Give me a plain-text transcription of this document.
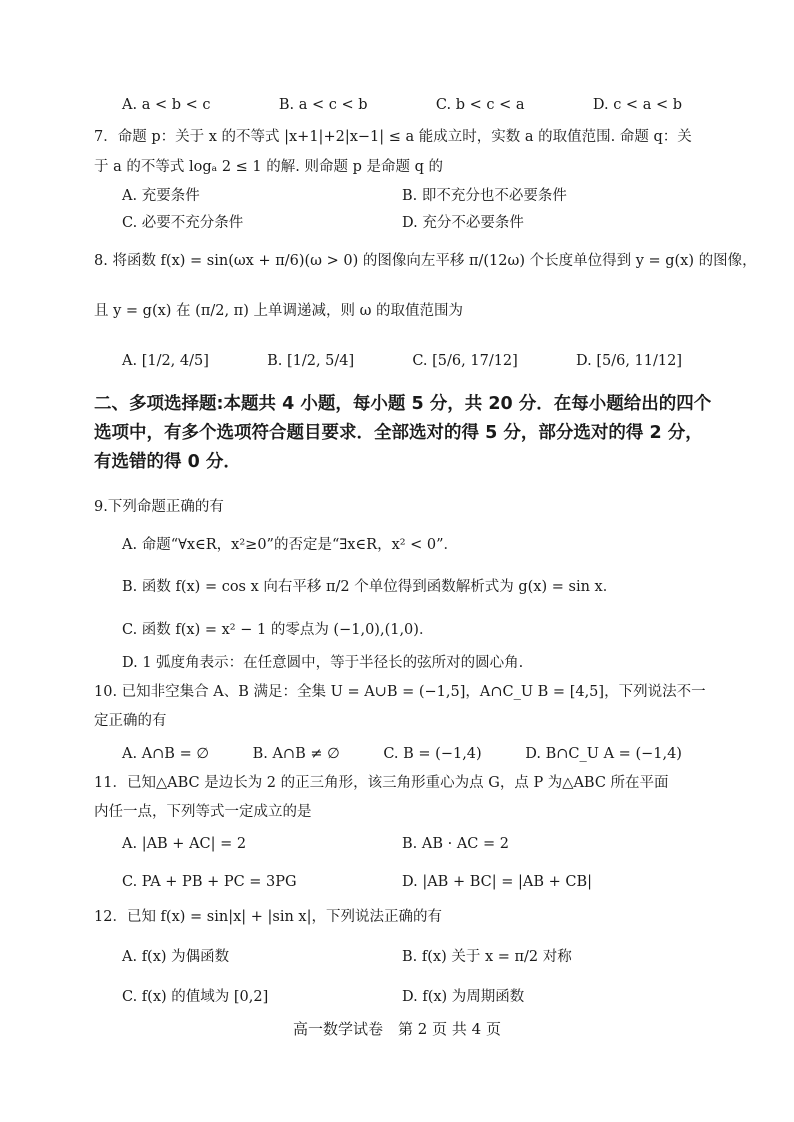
A. a < b < c	B. a < c < b	C. b < c < a	D. c < a < b
7．命题 p：关于 x 的不等式 |x+1|+2|x−1| ≤ a 能成立时，实数 a 的取值范围. 命题 q：关
于 a 的不等式 logₐ 2 ≤ 1 的解. 则命题 p 是命题 q 的
A. 充要条件	B. 即不充分也不必要条件
C. 必要不充分条件	D. 充分不必要条件
8. 将函数 f(x) = sin(ωx + π/6)(ω > 0) 的图像向左平移 π/(12ω) 个长度单位得到 y = g(x) 的图像，
且 y = g(x) 在 (π/2, π) 上单调递减，则 ω 的取值范围为
A. [1/2, 4/5]	B. [1/2, 5/4]	C. [5/6, 17/12]	D. [5/6, 11/12]
二、多项选择题:本题共 4 小题，每小题 5 分，共 20 分．在每小题给出的四个选项中，有多个选项符合题目要求．全部选对的得 5 分，部分选对的得 2 分，有选错的得 0 分．
9.下列命题正确的有
A. 命题“∀x∈R，x²≥0”的否定是“∃x∈R，x² < 0”．
B. 函数 f(x) = cos x 向右平移 π/2 个单位得到函数解析式为 g(x) = sin x．
C. 函数 f(x) = x² − 1 的零点为 (−1,0),(1,0)．
D. 1 弧度角表示：在任意圆中，等于半径长的弦所对的圆心角.
10. 已知非空集合 A、B 满足：全集 U = A∪B = (−1,5]，A∩C_U B = [4,5]，下列说法不一
定正确的有
A. A∩B = ∅	B. A∩B ≠ ∅	C. B = (−1,4)	D. B∩C_U A = (−1,4)
11．已知△ABC 是边长为 2 的正三角形，该三角形重心为点 G，点 P 为△ABC 所在平面
内任一点，下列等式一定成立的是
A. |AB + AC| = 2	B. AB · AC = 2
C. PA + PB + PC = 3PG	D. |AB + BC| = |AB + CB|
12．已知 f(x) = sin|x| + |sin x|，下列说法正确的有
A. f(x) 为偶函数	B. f(x) 关于 x = π/2 对称
C. f(x) 的值域为 [0,2]	D. f(x) 为周期函数
高一数学试卷　第 2 页 共 4 页
